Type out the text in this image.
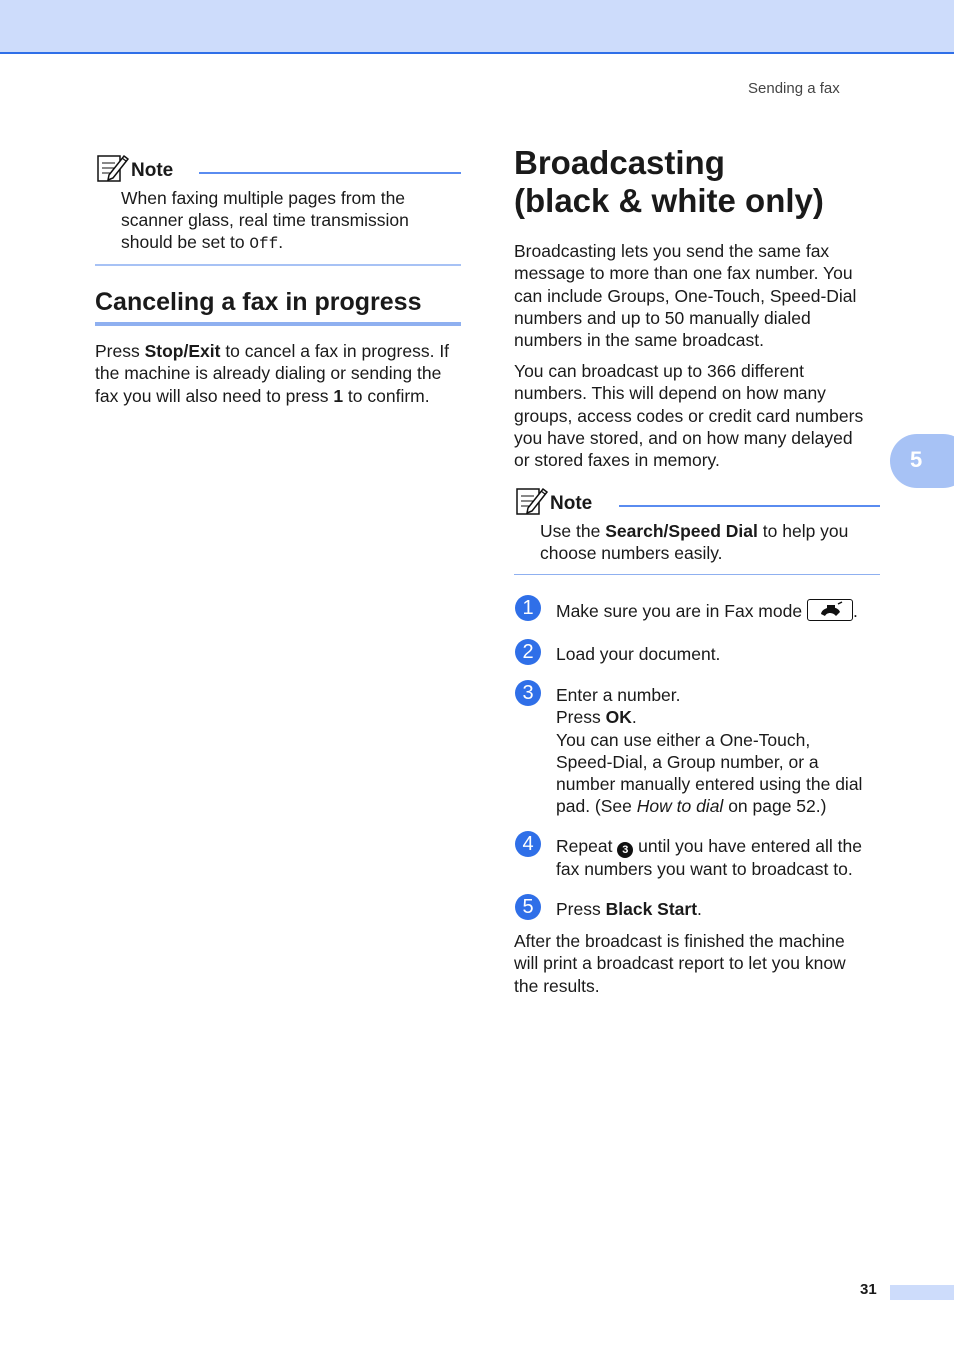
Sending a fax
5
Note
When faxing multiple pages from the
scanner glass, real time transmission
should be set to Off.
Canceling a fax in progress
Press Stop/Exit to cancel a fax in progress. If
the machine is already dialing or sending the
fax you will also need to press 1 to confirm.
Broadcasting
(black & white only)
Broadcasting lets you send the same fax
message to more than one fax number. You
can include Groups, One-Touch, Speed-Dial
numbers and up to 50 manually dialed
numbers in the same broadcast.
You can broadcast up to 366 different
numbers. This will depend on how many
groups, access codes or credit card numbers
you have stored, and on how many delayed
or stored faxes in memory.
Note
Use the Search/Speed Dial to help you
choose numbers easily.
1	Make sure you are in Fax mode	.
2	Load your document.
3	Enter a number.
Press OK.
You can use either a One-Touch,
Speed-Dial, a Group number, or a
number manually entered using the dial
pad. (See How to dial on page 52.)
4	Repeat 3 until you have entered all the
fax numbers you want to broadcast to.
5	Press Black Start.
After the broadcast is finished the machine
will print a broadcast report to let you know
the results.
31
